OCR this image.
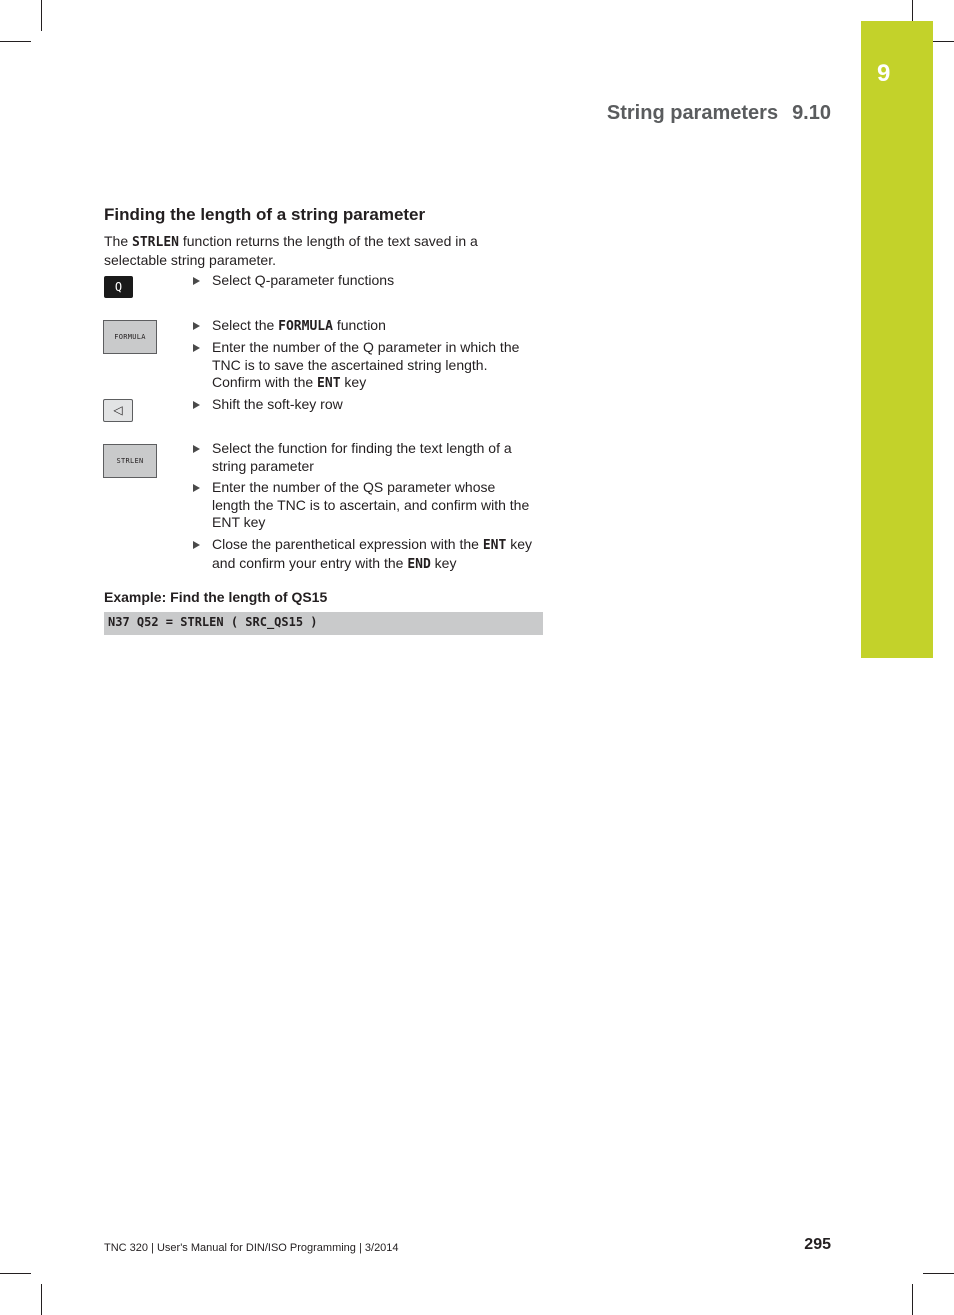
9
String parameters 9.10
Finding the length of a string parameter

The STRLEN function returns the length of the text saved in a selectable string parameter.

Q
FORMULA
◁
STRLEN
Select Q-parameter functions
Select the FORMULA function
Enter the number of the Q parameter in which the TNC is to save the ascertained string length. Confirm with the ENT key
Shift the soft-key row
Select the function for finding the text length of a string parameter
Enter the number of the QS parameter whose length the TNC is to ascertain, and confirm with the ENT key
Close the parenthetical expression with the ENT key and confirm your entry with the END key
Example: Find the length of QS15
N37 Q52 = STRLEN ( SRC_QS15 )
TNC 320 | User's Manual for DIN/ISO Programming | 3/2014	295
